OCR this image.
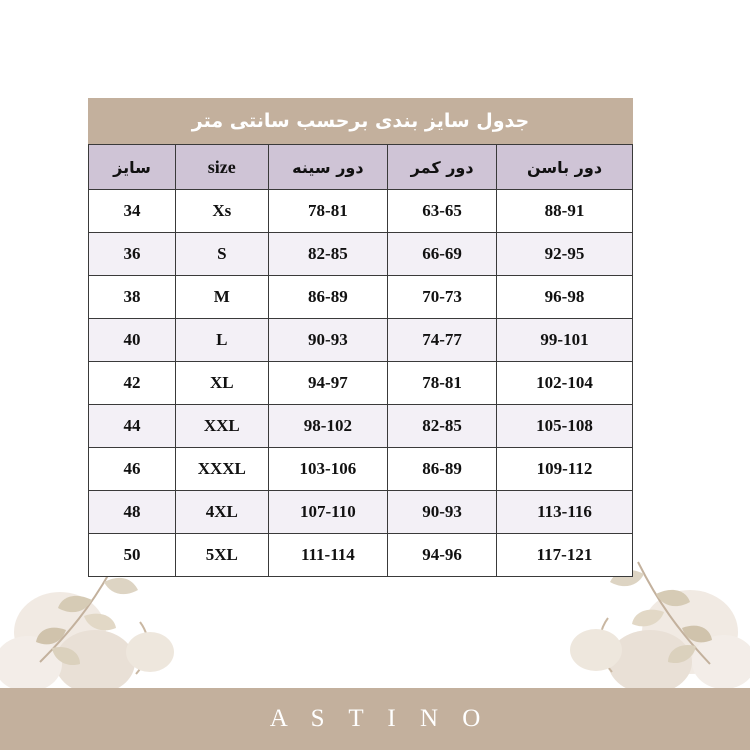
جدول سایز بندی برحسب سانتی متر
دور باسن	دور کمر	دور سینه	size	سایز
88-91	63-65	78-81	Xs	34
92-95	66-69	82-85	S	36
96-98	70-73	86-89	M	38
99-101	74-77	90-93	L	40
102-104	78-81	94-97	XL	42
105-108	82-85	98-102	XXL	44
109-112	86-89	103-106	XXXL	46
113-116	90-93	107-110	4XL	48
117-121	94-96	111-114	5XL	50
A S T I N O
